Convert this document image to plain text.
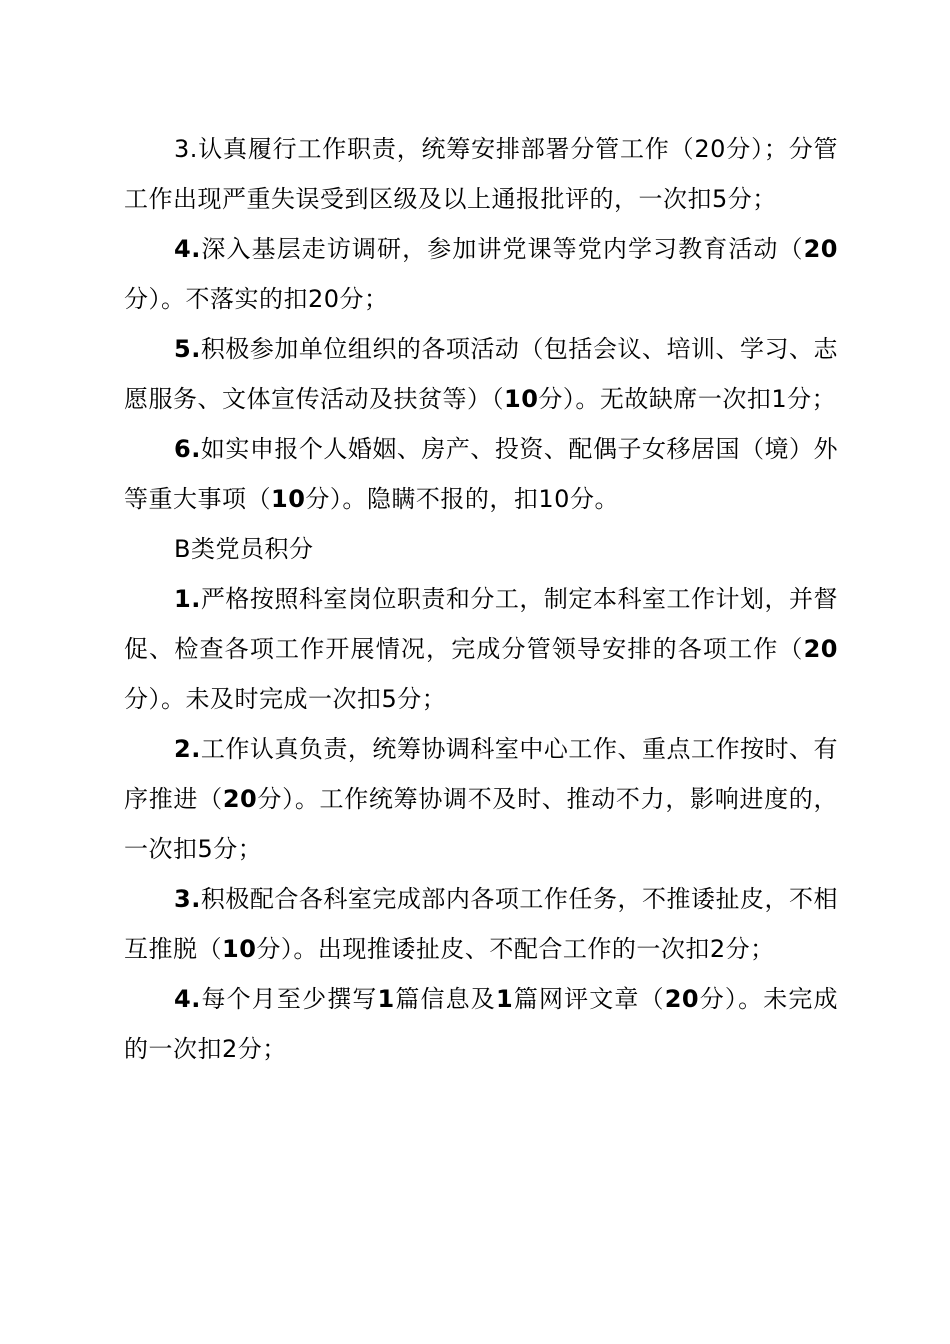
3.认真履行工作职责，统筹安排部署分管工作（20分）；分管工作出现严重失误受到区级及以上通报批评的，一次扣5分；

4.深入基层走访调研，参加讲党课等党内学习教育活动（20分）。不落实的扣20分；

5.积极参加单位组织的各项活动（包括会议、培训、学习、志愿服务、文体宣传活动及扶贫等）（10分）。无故缺席一次扣1分；

6.如实申报个人婚姻、房产、投资、配偶子女移居国（境）外等重大事项（10分）。隐瞒不报的，扣10分。

B类党员积分

1.严格按照科室岗位职责和分工，制定本科室工作计划，并督促、检查各项工作开展情况，完成分管领导安排的各项工作（20分）。未及时完成一次扣5分；

2.工作认真负责，统筹协调科室中心工作、重点工作按时、有序推进（20分）。工作统筹协调不及时、推动不力，影响进度的，一次扣5分；

3.积极配合各科室完成部内各项工作任务，不推诿扯皮，不相互推脱（10分）。出现推诿扯皮、不配合工作的一次扣2分；

4.每个月至少撰写1篇信息及1篇网评文章（20分）。未完成的一次扣2分；
